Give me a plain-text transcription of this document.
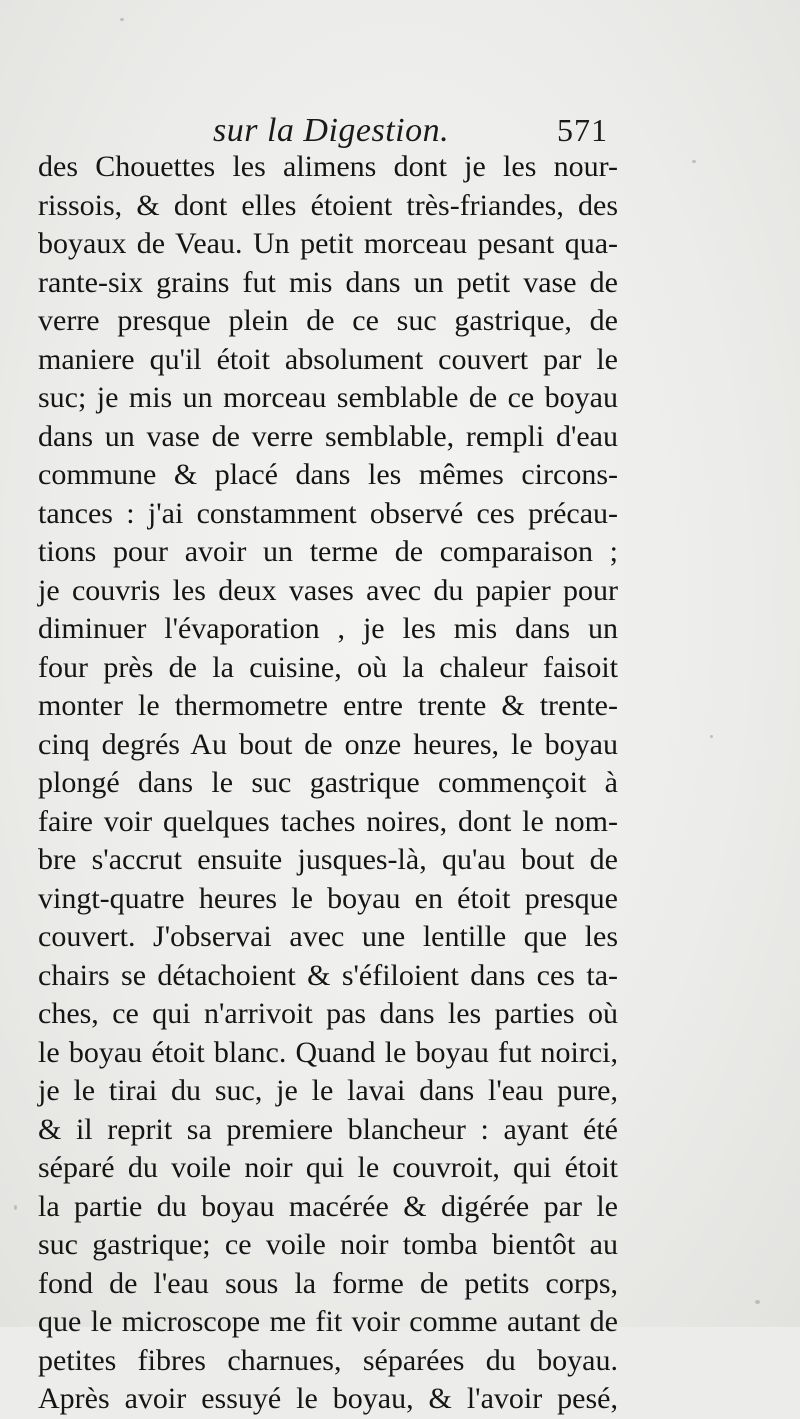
sur la Digestion.	571
des Chouettes les alimens dont je les nour-
rissois, & dont elles étoient très-friandes, des
boyaux de Veau. Un petit morceau pesant qua-
rante-six grains fut mis dans un petit vase de
verre presque plein de ce suc gastrique, de
maniere qu'il étoit absolument couvert par le
suc; je mis un morceau semblable de ce boyau
dans un vase de verre semblable, rempli d'eau
commune & placé dans les mêmes circons-
tances : j'ai constamment observé ces précau-
tions pour avoir un terme de comparaison ;
je couvris les deux vases avec du papier pour
diminuer l'évaporation , je les mis dans un
four près de la cuisine, où la chaleur faisoit
monter le thermometre entre trente & trente-
cinq degrés Au bout de onze heures, le boyau
plongé dans le suc gastrique commençoit à
faire voir quelques taches noires, dont le nom-
bre s'accrut ensuite jusques-là, qu'au bout de
vingt-quatre heures le boyau en étoit presque
couvert. J'observai avec une lentille que les
chairs se détachoient & s'éfiloient dans ces ta-
ches, ce qui n'arrivoit pas dans les parties où
le boyau étoit blanc. Quand le boyau fut noirci,
je le tirai du suc, je le lavai dans l'eau pure,
& il reprit sa premiere blancheur : ayant été
séparé du voile noir qui le couvroit, qui étoit
la partie du boyau macérée & digérée par le
suc gastrique; ce voile noir tomba bientôt au
fond de l'eau sous la forme de petits corps,
que le microscope me fit voir comme autant de
petites fibres charnues, séparées du boyau.
Après avoir essuyé le boyau, & l'avoir pesé,
